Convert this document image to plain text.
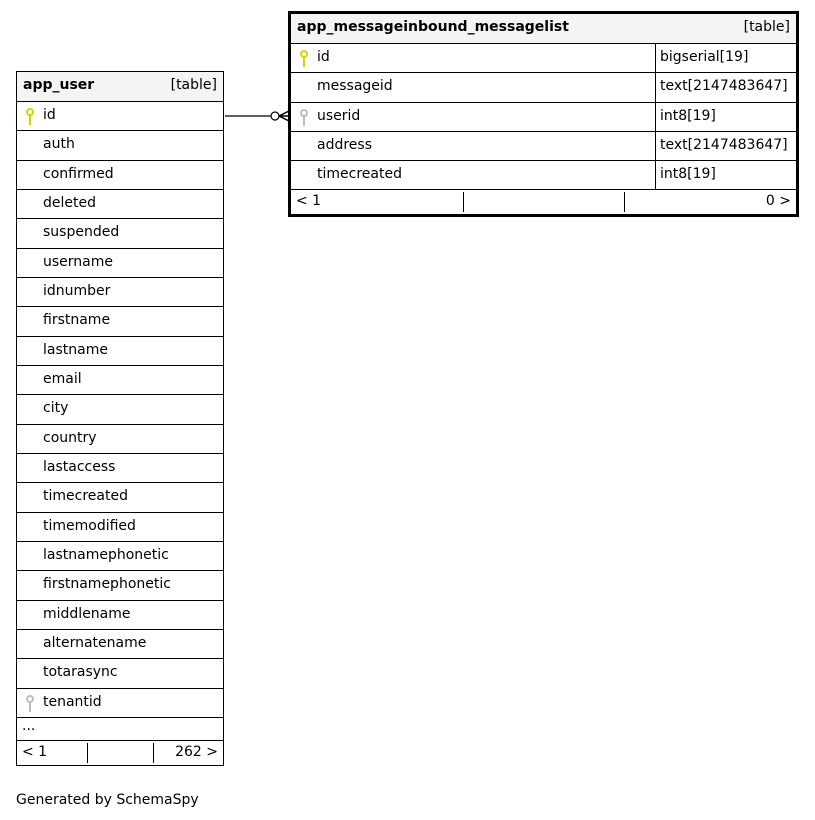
app_user	[table]
id
auth
confirmed
deleted
suspended
username
idnumber
firstname
lastname
email
city
country
lastaccess
timecreated
timemodified
lastnamephonetic
firstnamephonetic
middlename
alternatename
totarasync
tenantid
...
< 1	262 >
app_messageinbound_messagelist	[table]
id	bigserial[19]
messageid	text[2147483647]
userid	int8[19]
address	text[2147483647]
timecreated	int8[19]
< 1	0 >
Generated by SchemaSpy
